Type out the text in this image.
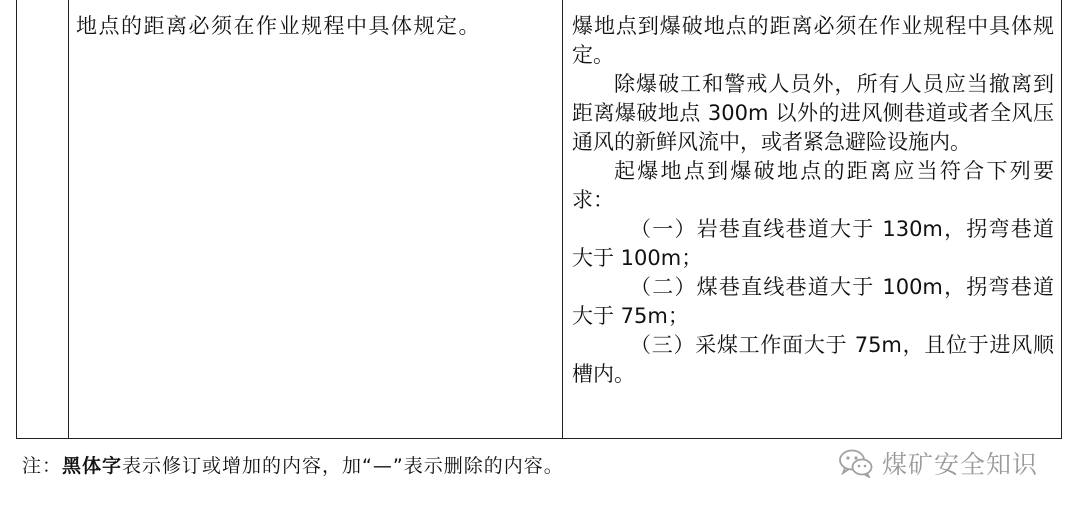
地点的距离必须在作业规程中具体规定。	爆地点到爆破地点的距离必须在作业规程中具体规定。
除爆破工和警戒人员外，所有人员应当撤离到距离爆破地点 300m 以外的进风侧巷道或者全风压通风的新鲜风流中，或者紧急避险设施内。
起爆地点到爆破地点的距离应当符合下列要求：
（一）岩巷直线巷道大于 130m，拐弯巷道大于 100m；
（二）煤巷直线巷道大于 100m，拐弯巷道大于 75m；
（三）采煤工作面大于 75m，且位于进风顺槽内。
注：黑体字表示修订或增加的内容，加“—”表示删除的内容。	煤矿安全知识
